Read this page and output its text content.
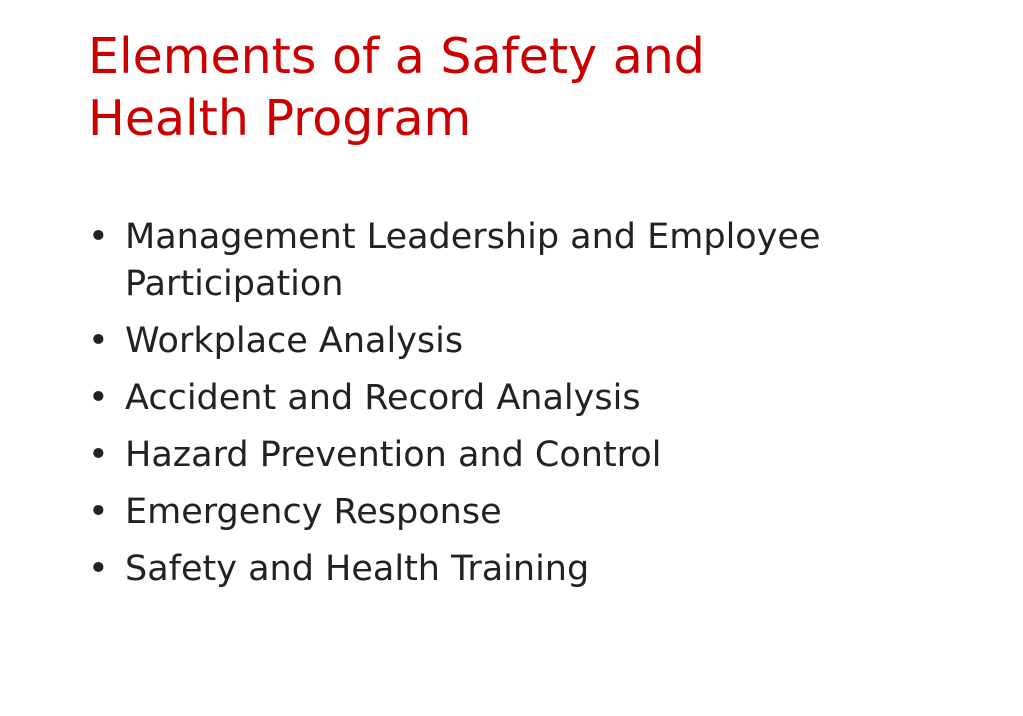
Elements of a Safety and
Health Program
• Management Leadership and Employee Participation
• Workplace Analysis
• Accident and Record Analysis
• Hazard Prevention and Control
• Emergency Response
• Safety and Health Training
